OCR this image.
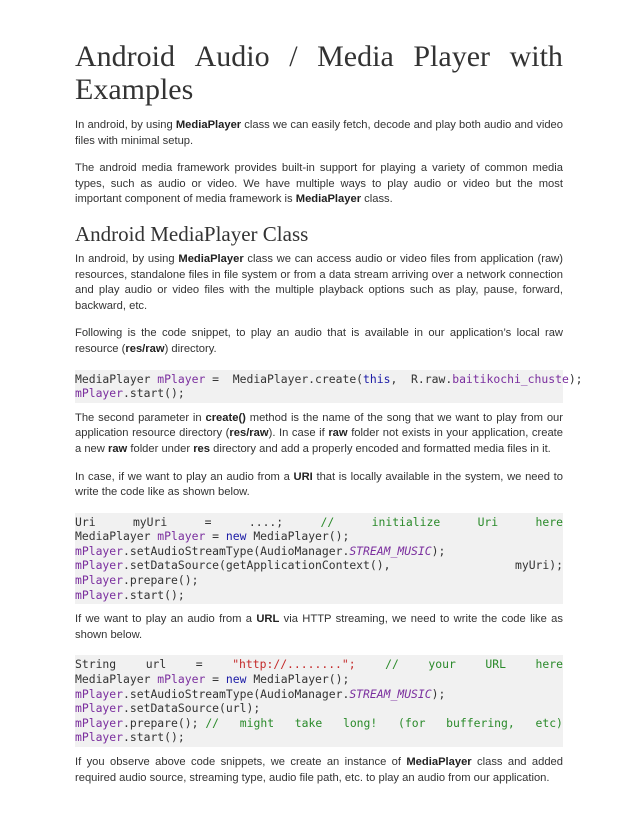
Android Audio / Media Player with
Examples

In android, by using MediaPlayer class we can easily fetch, decode and play both audio and video files with minimal setup.

The android media framework provides built-in support for playing a variety of common media types, such as audio or video. We have multiple ways to play audio or video but the most important component of media framework is MediaPlayer class.

Android MediaPlayer Class

In android, by using MediaPlayer class we can access audio or video files from application (raw) resources, standalone files in file system or from a data stream arriving over a network connection and play audio or video files with the multiple playback options such as play, pause, forward, backward, etc.

Following is the code snippet, to play an audio that is available in our application’s local raw resource (res/raw) directory.

MediaPlayer mPlayer =  MediaPlayer.create(this,  R.raw.baitikochi_chuste);
mPlayer .start();

The second parameter in create() method is the name of the song that we want to play from our application resource directory (res/raw). In case if raw folder not exists in your application, create a new raw folder under res directory and add a properly encoded and formatted media files in it.

In case, if we want to play an audio from a URI that is locally available in the system, we need to write the code like as shown below.

Uri	myUri	=	....;	//	initialize	Uri	here
MediaPlayer mPlayer = new MediaPlayer();
mPlayer .setAudioStreamType(AudioManager. STREAM_MUSIC );
mPlayer.setDataSource(getApplicationContext(),	myUri);
mPlayer .prepare();
mPlayer .start();

If we want to play an audio from a URL via HTTP streaming, we need to write the code like as shown below.

String	url	=	"http://........";	//	your	URL	here
MediaPlayer mPlayer = new MediaPlayer();
mPlayer .setAudioStreamType(AudioManager. STREAM_MUSIC );
mPlayer .setDataSource(url);
mPlayer.prepare(); // might take long! (for buffering, etc)
mPlayer .start();

If you observe above code snippets, we create an instance of MediaPlayer class and added required audio source, streaming type, audio file path, etc. to play an audio from our application.
